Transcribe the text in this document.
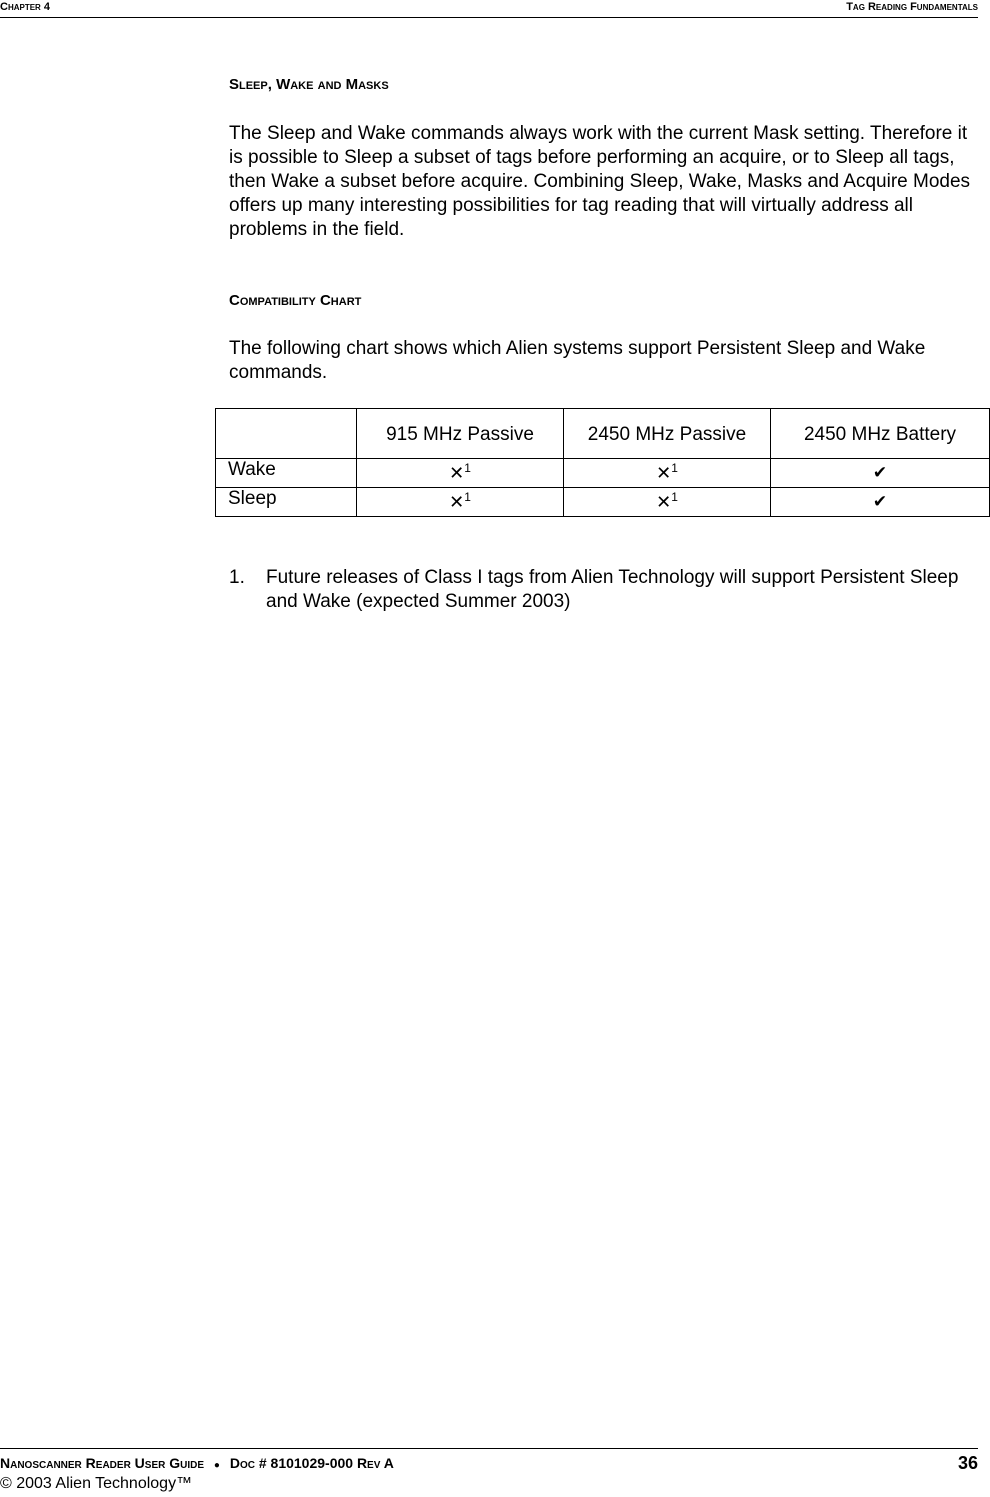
Chapter 4	Tag Reading Fundamentals
Sleep, Wake and Masks
The Sleep and Wake commands always work with the current Mask setting. Therefore it is possible to Sleep a subset of tags before performing an acquire, or to Sleep all tags, then Wake a subset before acquire. Combining Sleep, Wake, Masks and Acquire Modes offers up many interesting possibilities for tag reading that will virtually address all problems in the field.
Compatibility Chart
The following chart shows which Alien systems support Persistent Sleep and Wake commands.
	915 MHz Passive	2450 MHz Passive	2450 MHz Battery
Wake	✕$^1$	✕$^1$	✔
Sleep	✕$^1$	✕$^1$	✔
1. Future releases of Class I tags from Alien Technology will support Persistent Sleep and Wake (expected Summer 2003)
Nanoscanner Reader User Guide ● Doc # 8101029-000 Rev A	36
© 2003 Alien Technology™
